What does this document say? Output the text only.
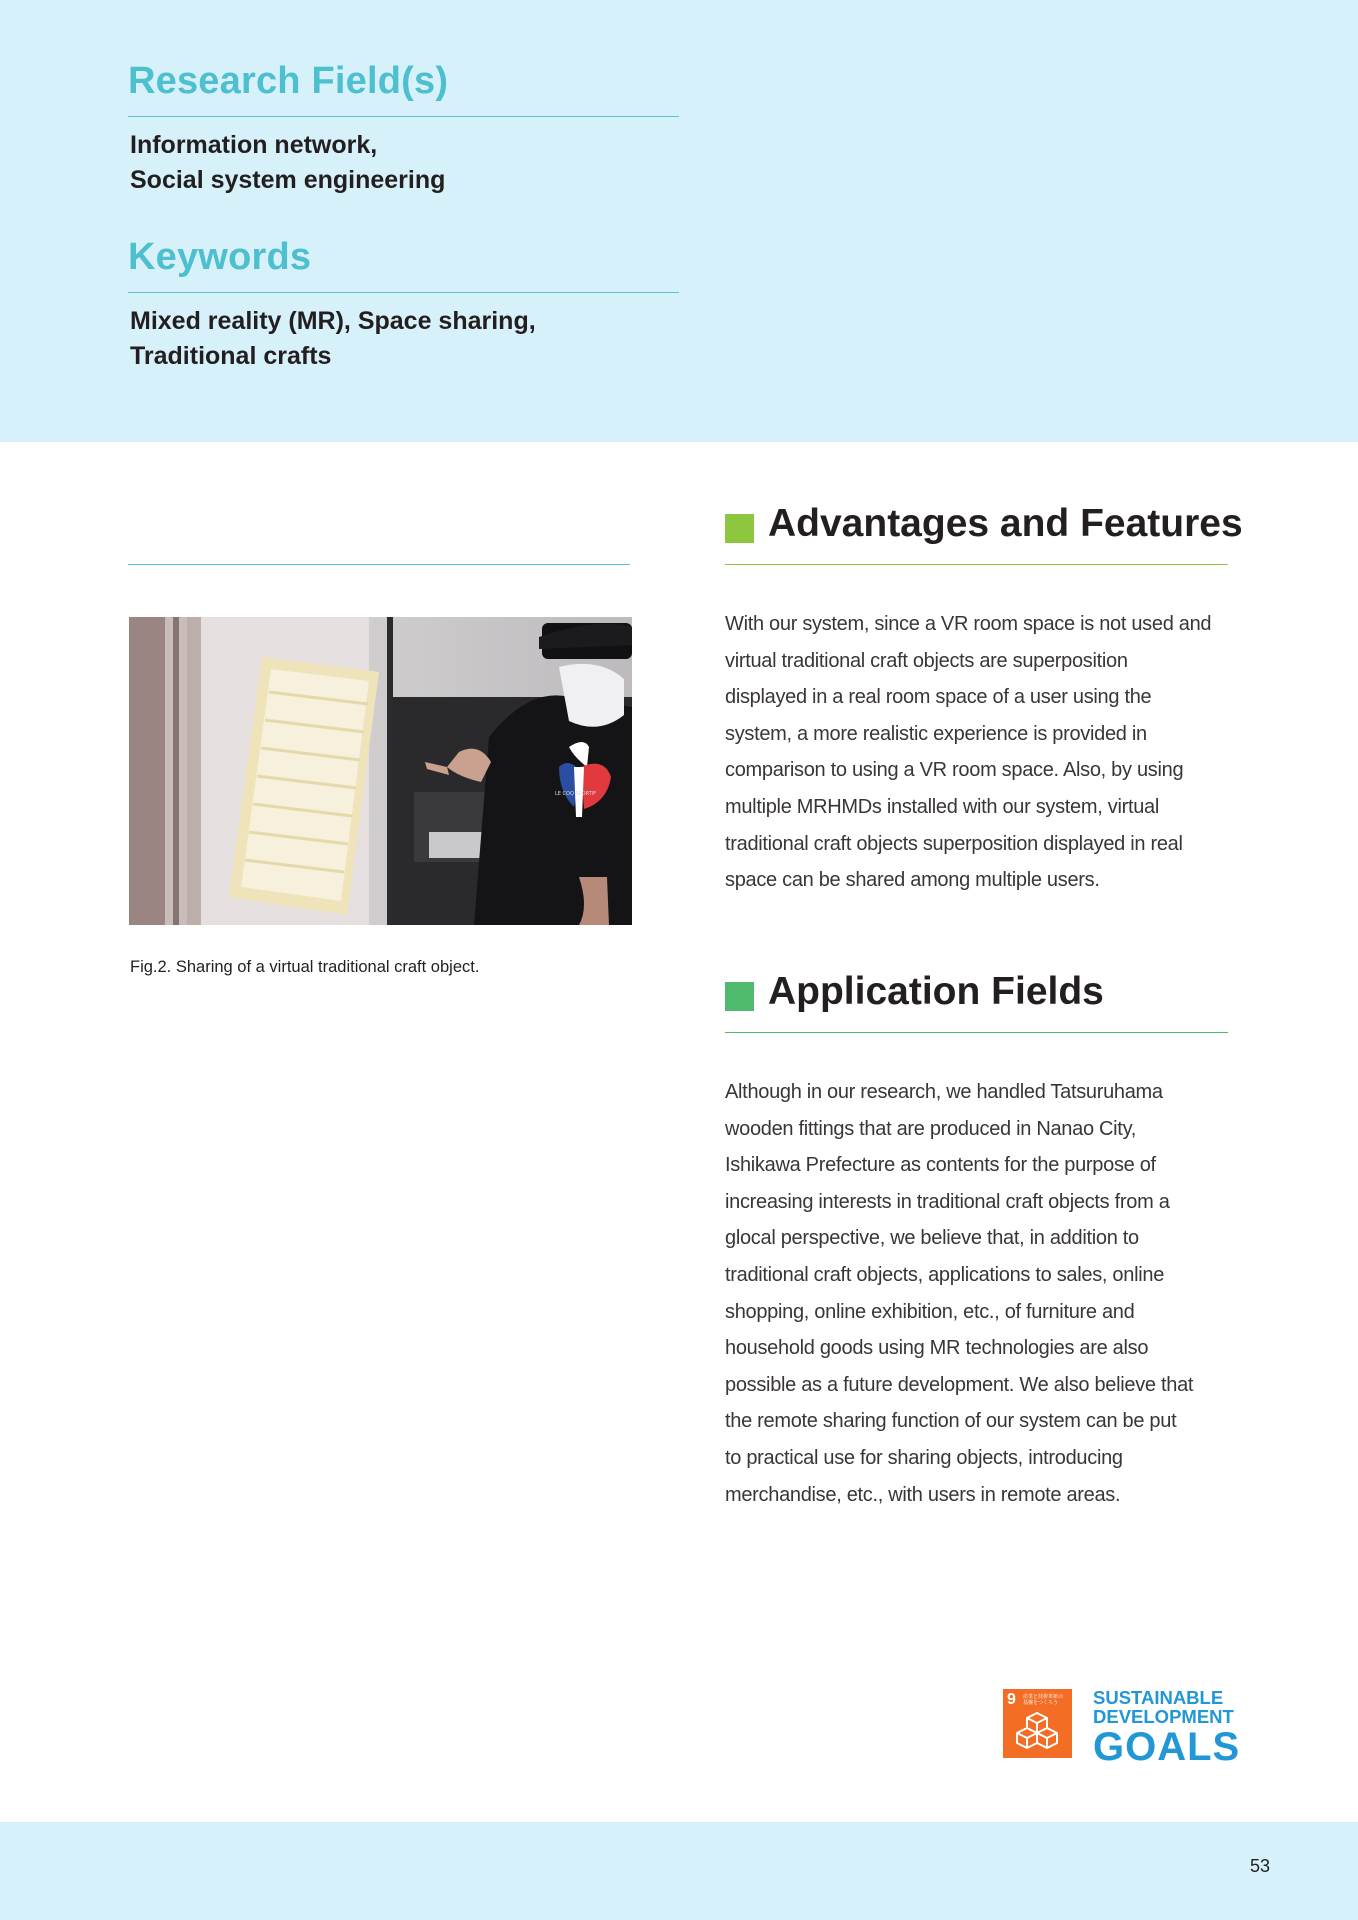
Research Field(s)

Information network,
Social system engineering

Keywords

Mixed reality (MR), Space sharing,
Traditional crafts

LE COQ SPORTIF

Fig.2. Sharing of a virtual traditional craft object.

Advantages and Features

With our system, since a VR room space is not used and
virtual traditional craft objects are superposition
displayed in a real room space of a user using the
system, a more realistic experience is provided in
comparison to using a VR room space. Also, by using
multiple MRHMDs installed with our system, virtual
traditional craft objects superposition displayed in real
space can be shared among multiple users.

Application Fields

Although in our research, we handled Tatsuruhama
wooden fittings that are produced in Nanao City,
Ishikawa Prefecture as contents for the purpose of
increasing interests in traditional craft objects from a
glocal perspective, we believe that, in addition to
traditional craft objects, applications to sales, online
shopping, online exhibition, etc., of furniture and
household goods using MR technologies are also
possible as a future development. We also believe that
the remote sharing function of our system can be put
to practical use for sharing objects, introducing
merchandise, etc., with users in remote areas.

9 産業と技術革新の基盤をつくろう	SUSTAINABLE
DEVELOPMENT
GOALS

53
